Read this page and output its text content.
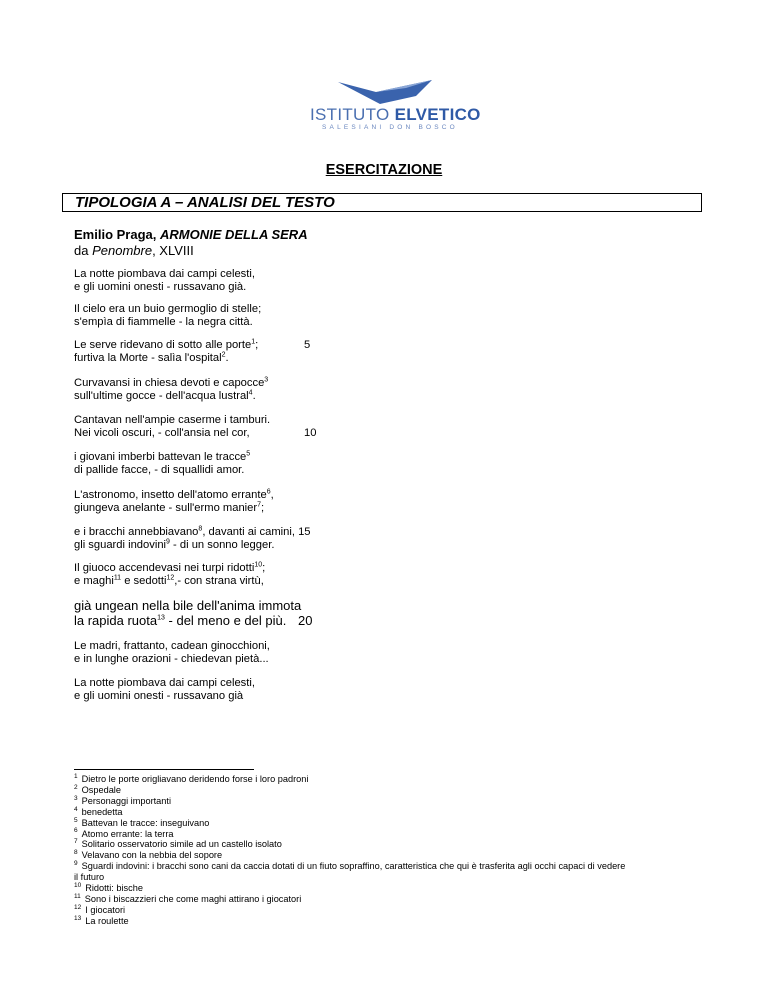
ISTITUTO ELVETICO
SALESIANI DON BOSCO
ESERCITAZIONE
TIPOLOGIA A – ANALISI DEL TESTO
Emilio Praga, ARMONIE DELLA SERA
da Penombre, XLVIII
La notte piombava dai campi celesti,
e gli uomini onesti - russavano già.
Il cielo era un buio germoglio di stelle;
s'empìa di fiammelle - la negra città.
Le serve ridevano di sotto alle porte$^1$;	5
furtiva la Morte - salìa l'ospital$^2$.
Curvavansi in chiesa devoti e capocce$^3$
sull'ultime gocce - dell'acqua lustral$^4$.
Cantavan nell'ampie caserme i tamburi.
Nei vicoli oscuri, - coll'ansia nel cor,	10
i giovani imberbi battevan le tracce$^5$
di pallide facce, - di squallidi amor.
L'astronomo, insetto dell'atomo errante$^6$,
giungeva anelante - sull'ermo manier$^7$;
e i bracchi annebbiavano$^8$, davanti ai camini, 15
gli sguardi indovini$^9$ - di un sonno legger.
Il giuoco accendevasi nei turpi ridotti$^{10}$;
e maghi$^{11}$ e sedotti$^{12}$,- con strana virtù,
già ungean nella bile dell'anima immota
la rapida ruota$^{13}$ - del meno e del più. 20
Le madri, frattanto, cadean ginocchioni,
e in lunghe orazioni - chiedevan pietà...
La notte piombava dai campi celesti,
e gli uomini onesti - russavano già
$^1$ Dietro le porte origliavano deridendo forse i loro padroni
$^2$ Ospedale
$^3$ Personaggi importanti
$^4$ benedetta
$^5$ Battevan le tracce: inseguivano
$^6$ Atomo errante: la terra
$^7$ Solitario osservatorio simile ad un castello isolato
$^8$ Velavano con la nebbia del sopore
$^9$ Sguardi indovini: i bracchi sono cani da caccia dotati di un fiuto sopraffino, caratteristica che qui è trasferita agli occhi capaci di vedere
il futuro
$^{10}$ Ridotti: bische
$^{11}$ Sono i biscazzieri che come maghi attirano i giocatori
$^{12}$ I giocatori
$^{13}$ La roulette
